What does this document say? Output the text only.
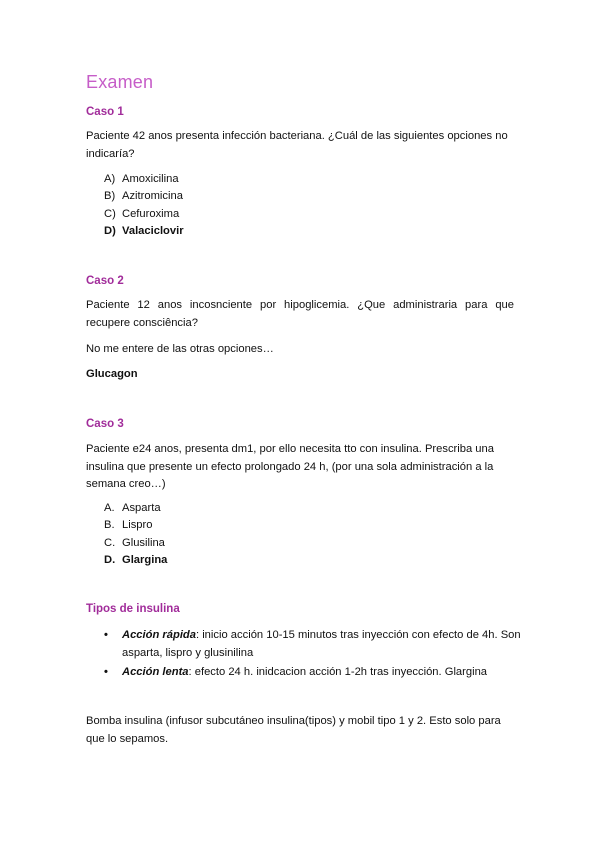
Examen
Caso 1
Paciente 42 anos presenta infección bacteriana. ¿Cuál de las siguientes opciones no indicaría?
A) Amoxicilina
B) Azitromicina
C) Cefuroxima
D) Valaciclovir
Caso 2
Paciente 12 anos incosnciente por hipoglicemia. ¿Que administraria para que recupere consciência?
No me entere de las otras opciones…
Glucagon
Caso 3
Paciente e24 anos, presenta dm1, por ello necesita tto con insulina. Prescriba una insulina que presente un efecto prolongado 24 h, (por una sola administración a la semana creo…)
A. Asparta
B. Lispro
C. Glusilina
D. Glargina
Tipos de insulina
• Acción rápida: inicio acción 10-15 minutos tras inyección con efecto de 4h. Son asparta, lispro y glusinilina
• Acción lenta: efecto 24 h. inidcacion acción 1-2h tras inyección. Glargina
Bomba insulina (infusor subcutáneo insulina(tipos) y mobil tipo 1 y 2. Esto solo para que lo sepamos.
